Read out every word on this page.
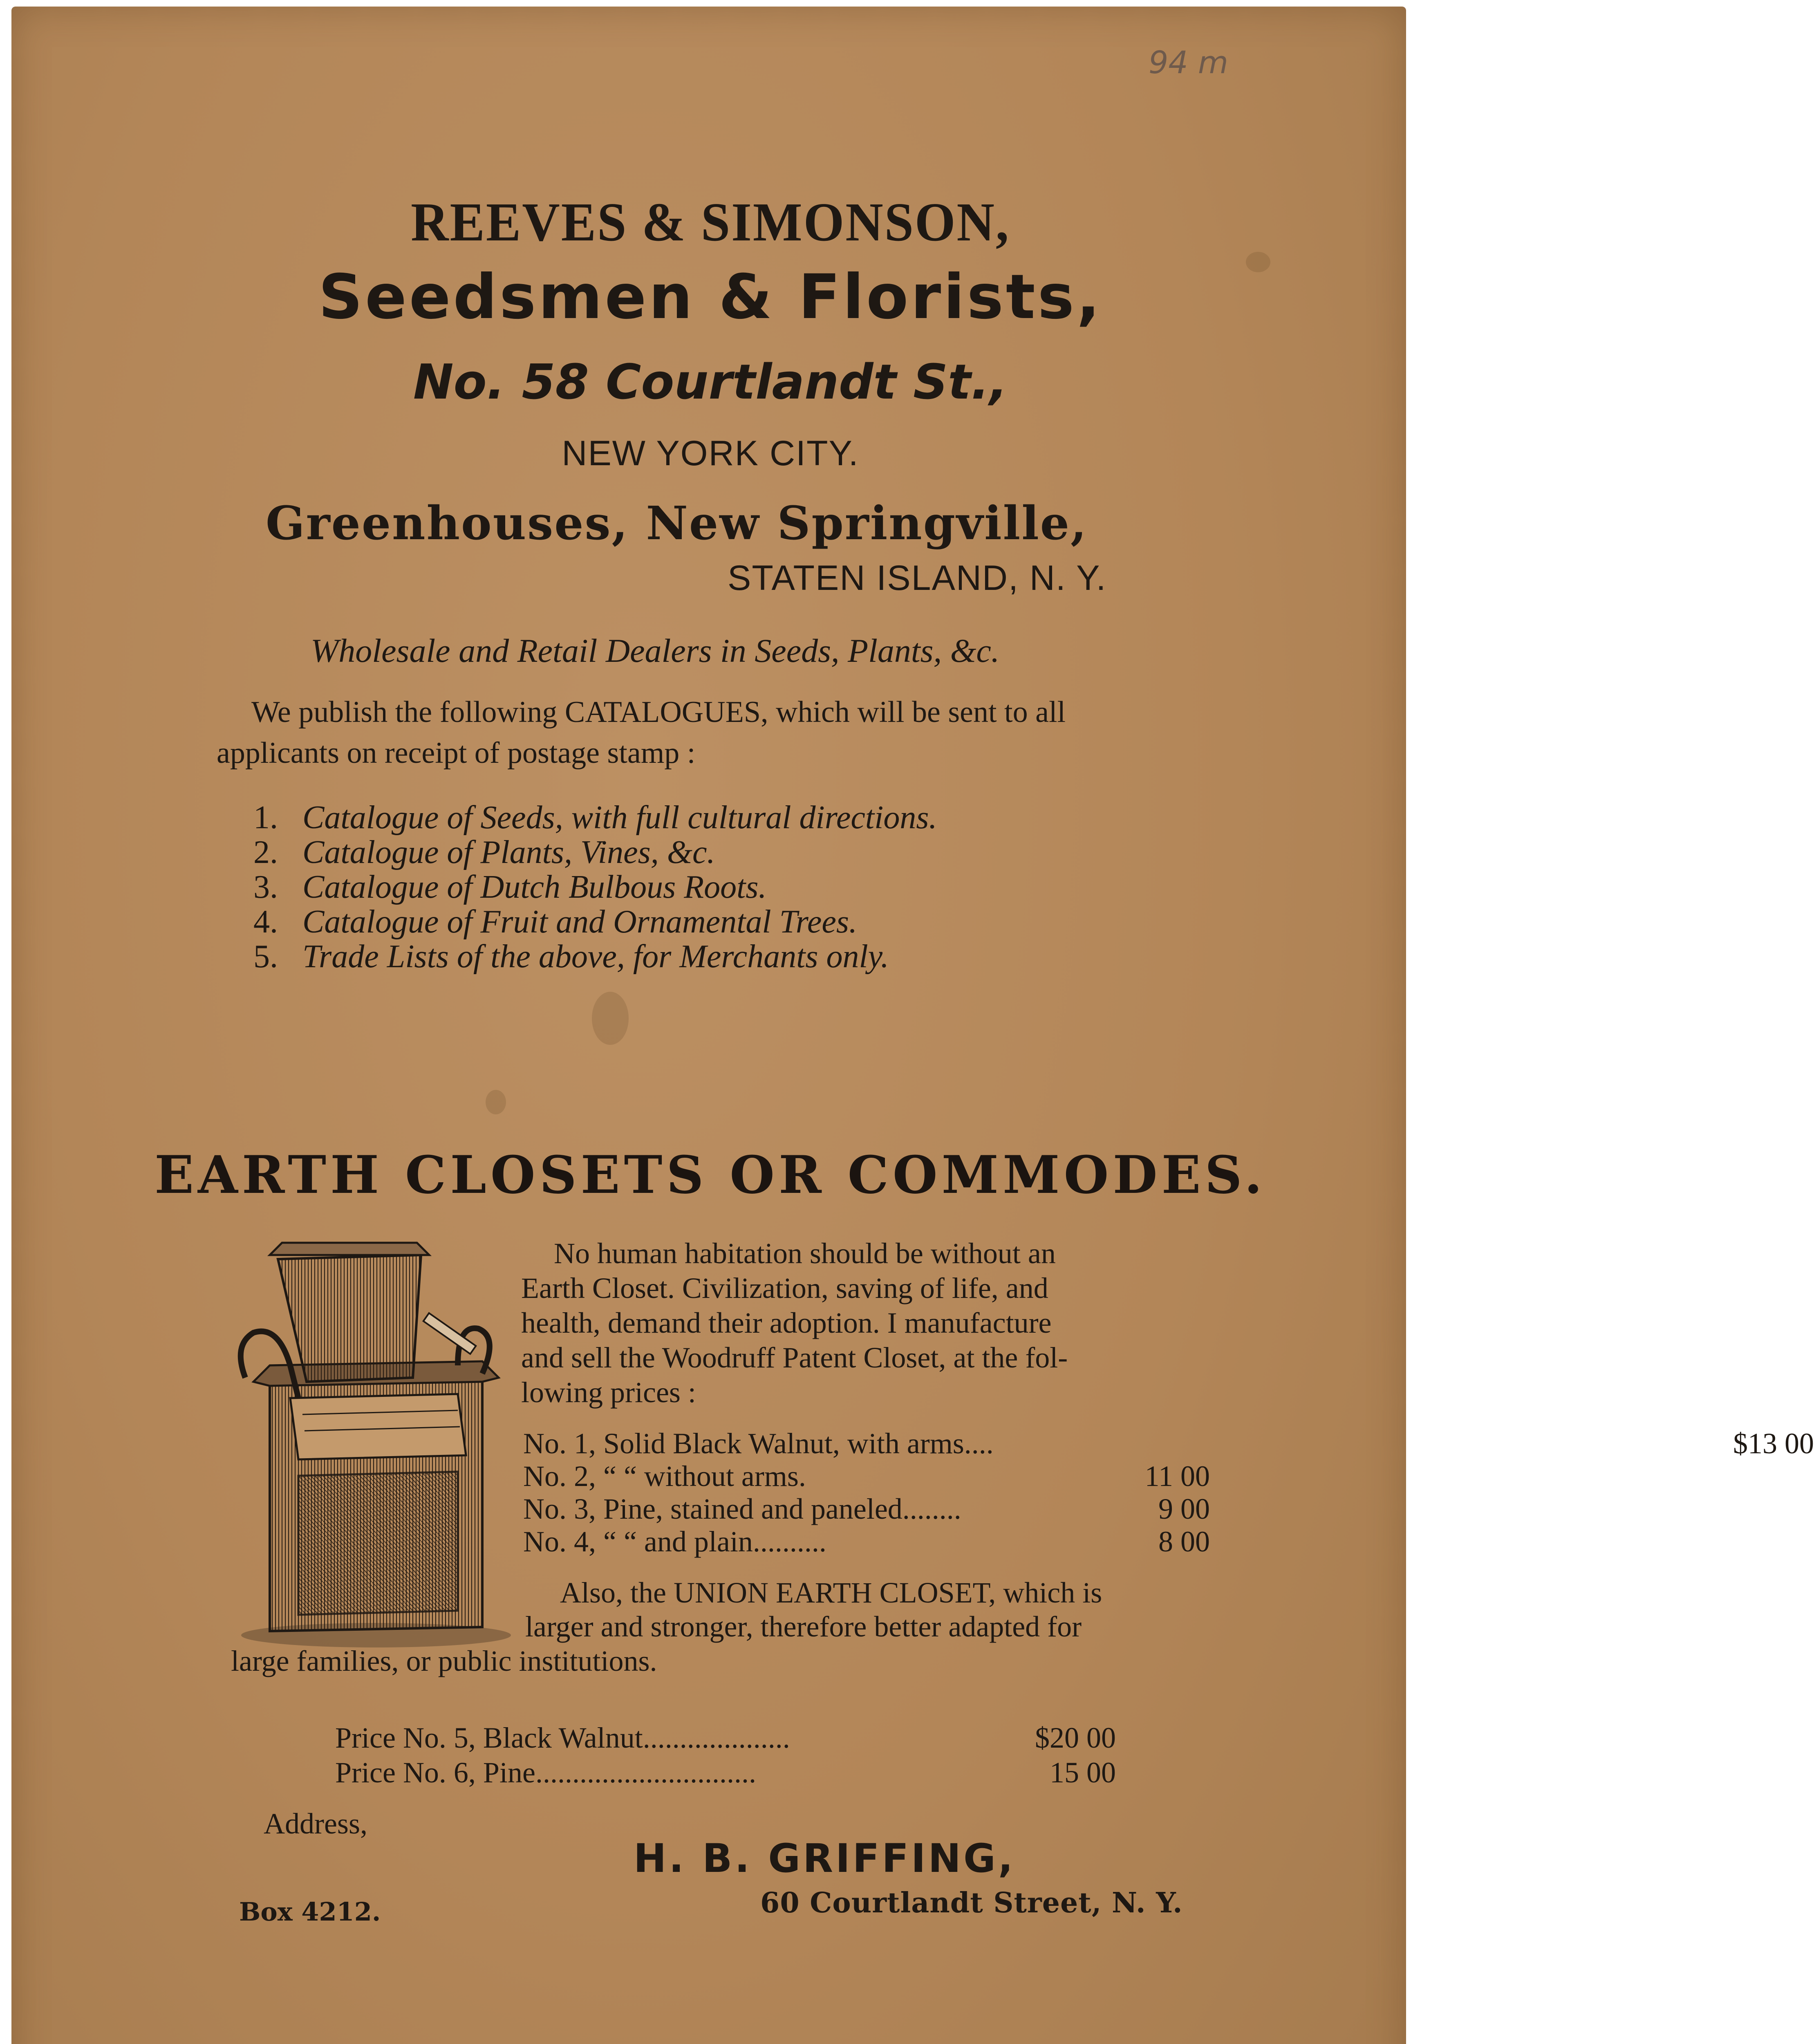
94 m

REEVES & SIMONSON,

Seedsmen & Florists,

No. 58 Courtlandt St.,

NEW YORK CITY.

Greenhouses, New Springville,

STATEN ISLAND, N. Y.

Wholesale and Retail Dealers in Seeds, Plants, &c.

We publish the following CATALOGUES, which will be sent to all

applicants on receipt of postage stamp :

1. Catalogue of Seeds, with full cultural directions.

2. Catalogue of Plants, Vines, &c.

3. Catalogue of Dutch Bulbous Roots.

4. Catalogue of Fruit and Ornamental Trees.

5. Trade Lists of the above, for Merchants only.

EARTH CLOSETS OR COMMODES.

No human habitation should be without an

Earth Closet. Civilization, saving of life, and

health, demand their adoption. I manufacture

and sell the Woodruff Patent Closet, at the fol-

lowing prices :

No. 1, Solid Black Walnut, with arms....	$13 00

No. 2, “ “ without arms.	11 00

No. 3, Pine, stained and paneled........	9 00

No. 4, “ “ and plain..........	8 00

Also, the UNION EARTH CLOSET, which is

larger and stronger, therefore better adapted for

large families, or public institutions.

Price No. 5, Black Walnut....................	$20 00

Price No. 6, Pine..............................	15 00

Address,

H. B. GRIFFING,

Box 4212.	60 Courtlandt Street, N. Y.
